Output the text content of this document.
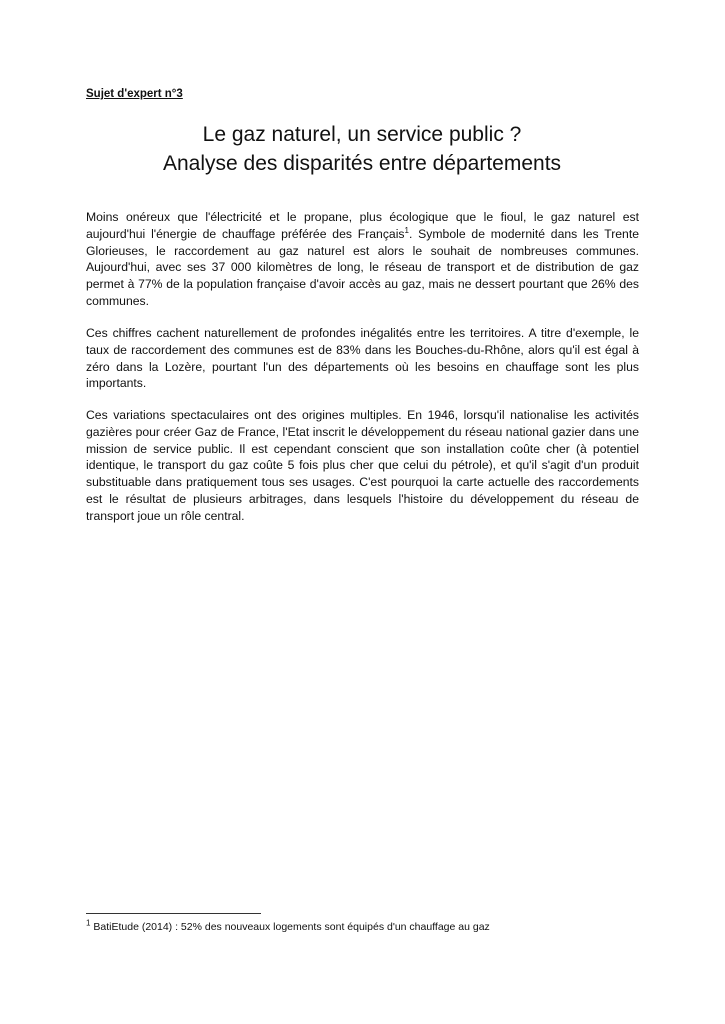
Sujet d'expert n°3
Le gaz naturel, un service public ?
Analyse des disparités entre départements

Moins onéreux que l'électricité et le propane, plus écologique que le fioul, le gaz naturel est aujourd'hui l'énergie de chauffage préférée des Français$^1$. Symbole de modernité dans les Trente Glorieuses, le raccordement au gaz naturel est alors le souhait de nombreuses communes. Aujourd'hui, avec ses 37 000 kilomètres de long, le réseau de transport et de distribution de gaz permet à 77% de la population française d'avoir accès au gaz, mais ne dessert pourtant que 26% des communes.

Ces chiffres cachent naturellement de profondes inégalités entre les territoires. A titre d'exemple, le taux de raccordement des communes est de 83% dans les Bouches-du-Rhône, alors qu'il est égal à zéro dans la Lozère, pourtant l'un des départements où les besoins en chauffage sont les plus importants.

Ces variations spectaculaires ont des origines multiples. En 1946, lorsqu'il nationalise les activités gazières pour créer Gaz de France, l'Etat inscrit le développement du réseau national gazier dans une mission de service public. Il est cependant conscient que son installation coûte cher (à potentiel identique, le transport du gaz coûte 5 fois plus cher que celui du pétrole), et qu'il s'agit d'un produit substituable dans pratiquement tous ses usages. C'est pourquoi la carte actuelle des raccordements est le résultat de plusieurs arbitrages, dans lesquels l'histoire du développement du réseau de transport joue un rôle central.

$^1$ BatiEtude (2014) : 52% des nouveaux logements sont équipés d'un chauffage au gaz
